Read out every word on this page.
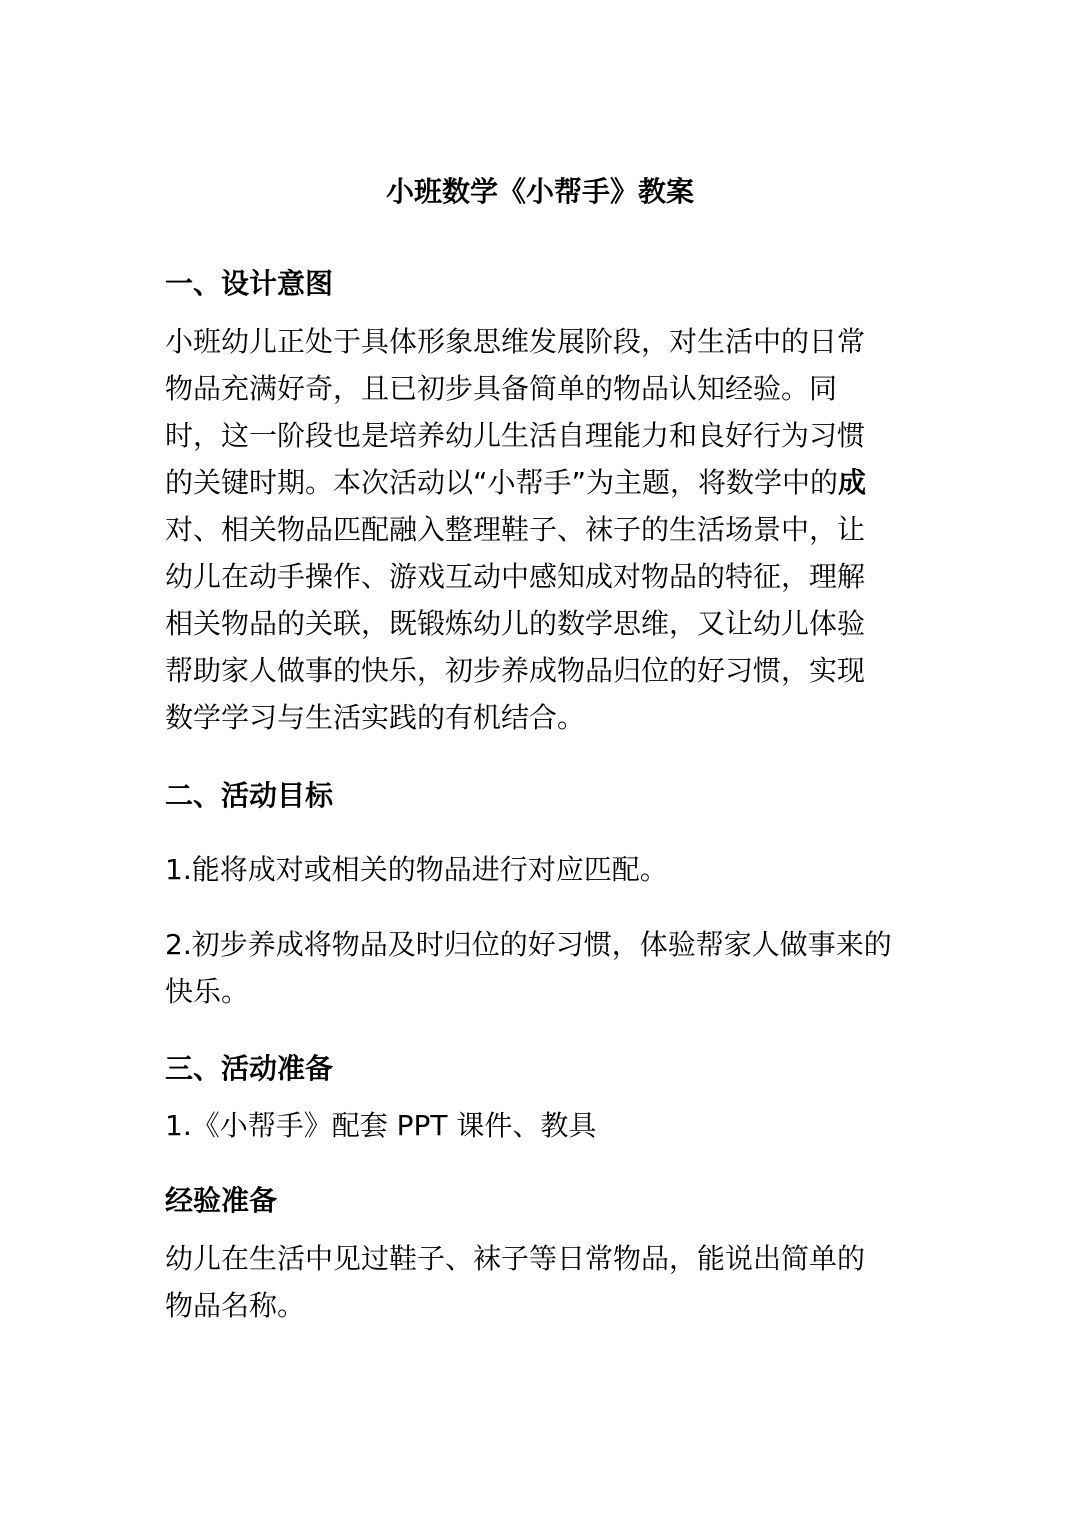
小班数学《小帮手》教案
一、设计意图

小班幼儿正处于具体形象思维发展阶段，对生活中的日常

物品充满好奇，且已初步具备简单的物品认知经验。同

时，这一阶段也是培养幼儿生活自理能力和良好行为习惯

的关键时期。本次活动以“小帮手”为主题，将数学中的成

对、相关物品匹配融入整理鞋子、袜子的生活场景中，让

幼儿在动手操作、游戏互动中感知成对物品的特征，理解

相关物品的关联，既锻炼幼儿的数学思维，又让幼儿体验

帮助家人做事的快乐，初步养成物品归位的好习惯，实现

数学学习与生活实践的有机结合。

二、活动目标

1.能将成对或相关的物品进行对应匹配。

2.初步养成将物品及时归位的好习惯，体验帮家人做事来的

快乐。

三、活动准备

1.《小帮手》配套 PPT 课件、教具

经验准备

幼儿在生活中见过鞋子、袜子等日常物品，能说出简单的

物品名称。
